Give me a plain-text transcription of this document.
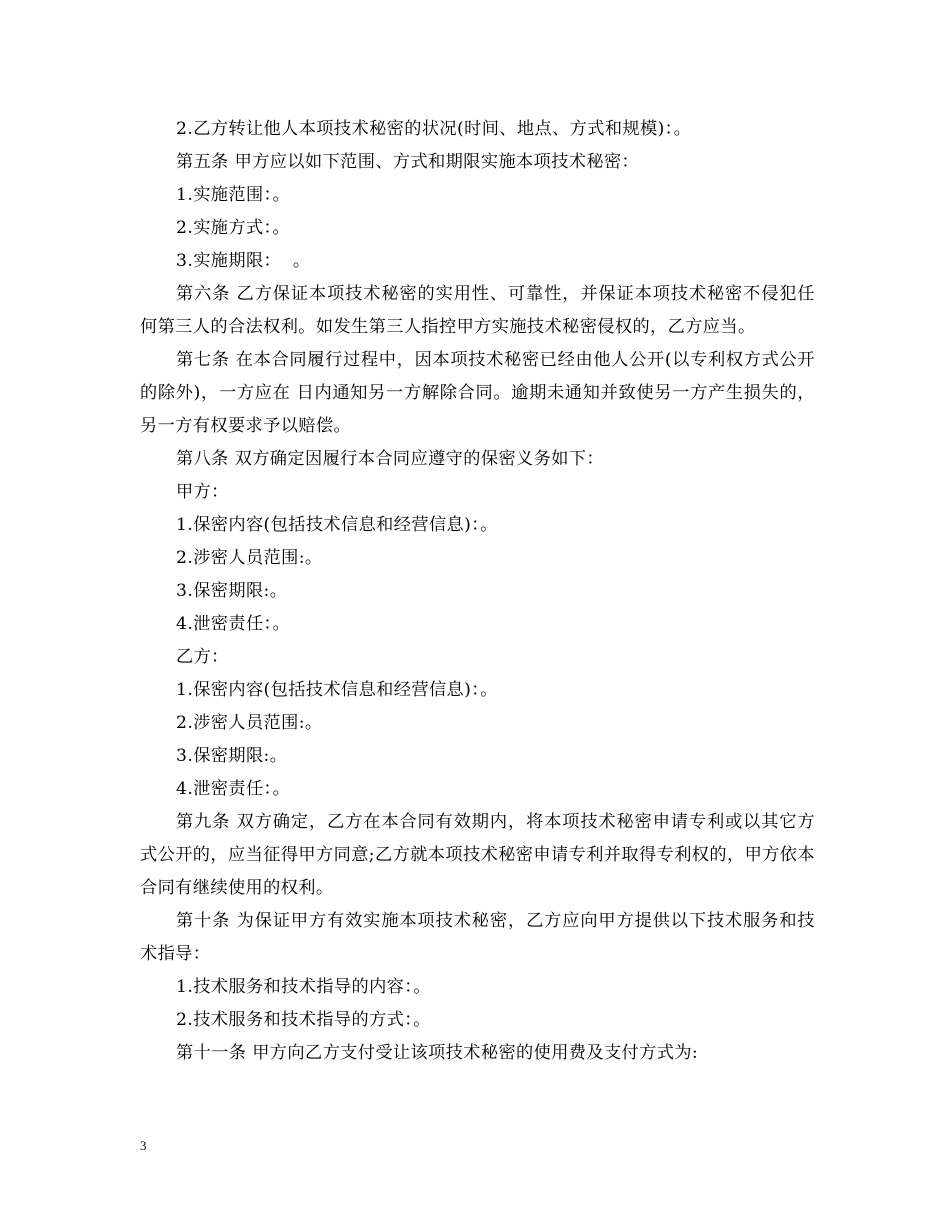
2.乙方转让他人本项技术秘密的状况(时间、地点、方式和规模)：。

第五条 甲方应以如下范围、方式和期限实施本项技术秘密：

1.实施范围：。

2.实施方式：。

3.实施期限：  。

第六条 乙方保证本项技术秘密的实用性、可靠性，并保证本项技术秘密不侵犯任何第三人的合法权利。如发生第三人指控甲方实施技术秘密侵权的，乙方应当。

第七条 在本合同履行过程中，因本项技术秘密已经由他人公开(以专利权方式公开的除外)，一方应在 日内通知另一方解除合同。逾期未通知并致使另一方产生损失的，另一方有权要求予以赔偿。

第八条 双方确定因履行本合同应遵守的保密义务如下：

甲方：

1.保密内容(包括技术信息和经营信息)：。

2.涉密人员范围:。

3.保密期限:。

4.泄密责任：。

乙方：

1.保密内容(包括技术信息和经营信息)：。

2.涉密人员范围:。

3.保密期限:。

4.泄密责任：。

第九条 双方确定，乙方在本合同有效期内，将本项技术秘密申请专利或以其它方式公开的，应当征得甲方同意;乙方就本项技术秘密申请专利并取得专利权的，甲方依本合同有继续使用的权利。

第十条 为保证甲方有效实施本项技术秘密，乙方应向甲方提供以下技术服务和技术指导：

1.技术服务和技术指导的内容：。

2.技术服务和技术指导的方式：。

第十一条 甲方向乙方支付受让该项技术秘密的使用费及支付方式为:

3
